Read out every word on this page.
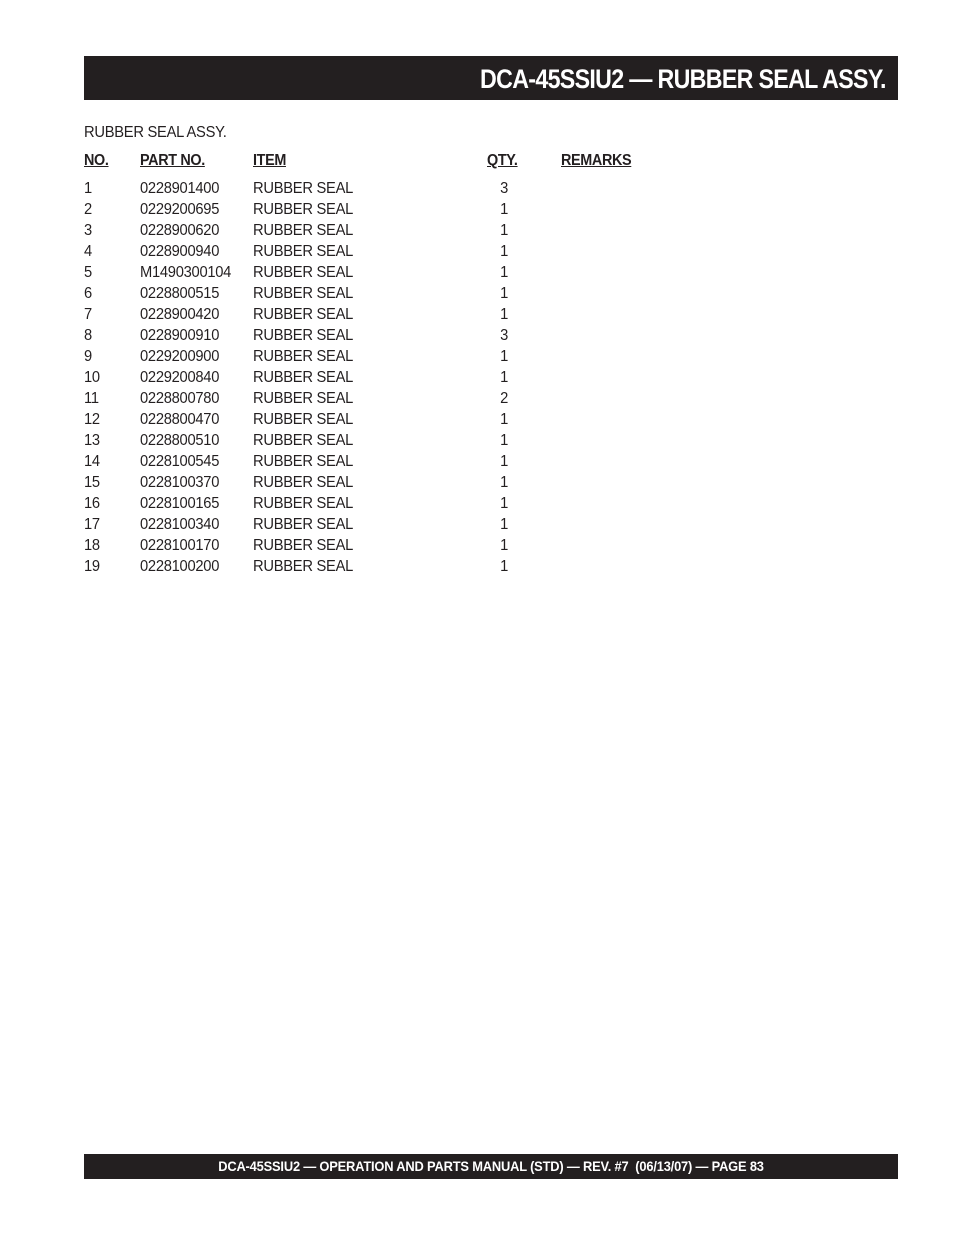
DCA-45SSIU2 — RUBBER SEAL ASSY.
RUBBER SEAL ASSY.
NO. PART NO.	ITEM	QTY.	REMARKS
1	0228901400 RUBBER SEAL	3
2	0229200695 RUBBER SEAL	1
3	0228900620 RUBBER SEAL	1
4	0228900940 RUBBER SEAL	1
5	M1490300104 RUBBER SEAL	1
6	0228800515 RUBBER SEAL	1
7	0228900420 RUBBER SEAL	1
8	0228900910 RUBBER SEAL	3
9	0229200900 RUBBER SEAL	1
10	0229200840 RUBBER SEAL	1
11	0228800780 RUBBER SEAL	2
12	0228800470 RUBBER SEAL	1
13	0228800510 RUBBER SEAL	1
14	0228100545 RUBBER SEAL	1
15	0228100370 RUBBER SEAL	1
16	0228100165 RUBBER SEAL	1
17	0228100340 RUBBER SEAL	1
18	0228100170 RUBBER SEAL	1
19	0228100200 RUBBER SEAL	1
DCA-45SSIU2 — OPERATION AND PARTS MANUAL (STD) — REV. #7  (06/13/07) — PAGE 83
